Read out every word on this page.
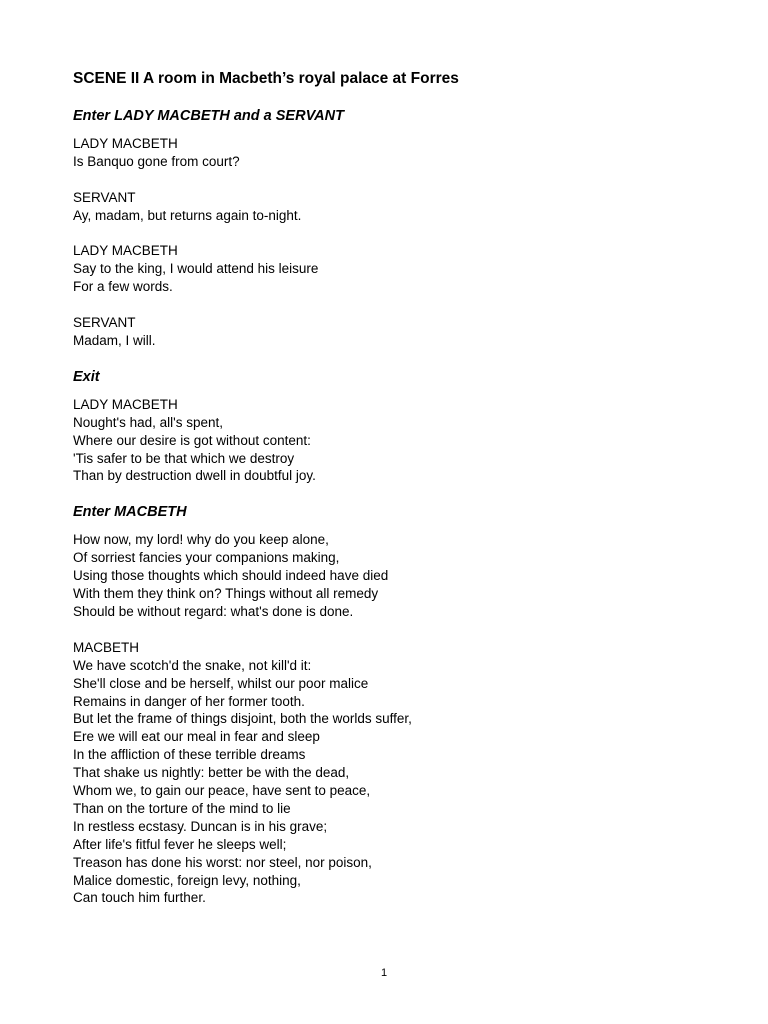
SCENE II A room in Macbeth’s royal palace at Forres

Enter LADY MACBETH and a SERVANT

LADY MACBETH
Is Banquo gone from court?
SERVANT
Ay, madam, but returns again to-night.
LADY MACBETH
Say to the king, I would attend his leisure
For a few words.
SERVANT
Madam, I will.

Exit

LADY MACBETH
Nought's had, all's spent,
Where our desire is got without content:
'Tis safer to be that which we destroy
Than by destruction dwell in doubtful joy.

Enter MACBETH

How now, my lord! why do you keep alone,
Of sorriest fancies your companions making,
Using those thoughts which should indeed have died
With them they think on? Things without all remedy
Should be without regard: what's done is done.
MACBETH
We have scotch'd the snake, not kill'd it:
She'll close and be herself, whilst our poor malice
Remains in danger of her former tooth.
But let the frame of things disjoint, both the worlds suffer,
Ere we will eat our meal in fear and sleep
In the affliction of these terrible dreams
That shake us nightly: better be with the dead,
Whom we, to gain our peace, have sent to peace,
Than on the torture of the mind to lie
In restless ecstasy. Duncan is in his grave;
After life's fitful fever he sleeps well;
Treason has done his worst: nor steel, nor poison,
Malice domestic, foreign levy, nothing,
Can touch him further.
1
